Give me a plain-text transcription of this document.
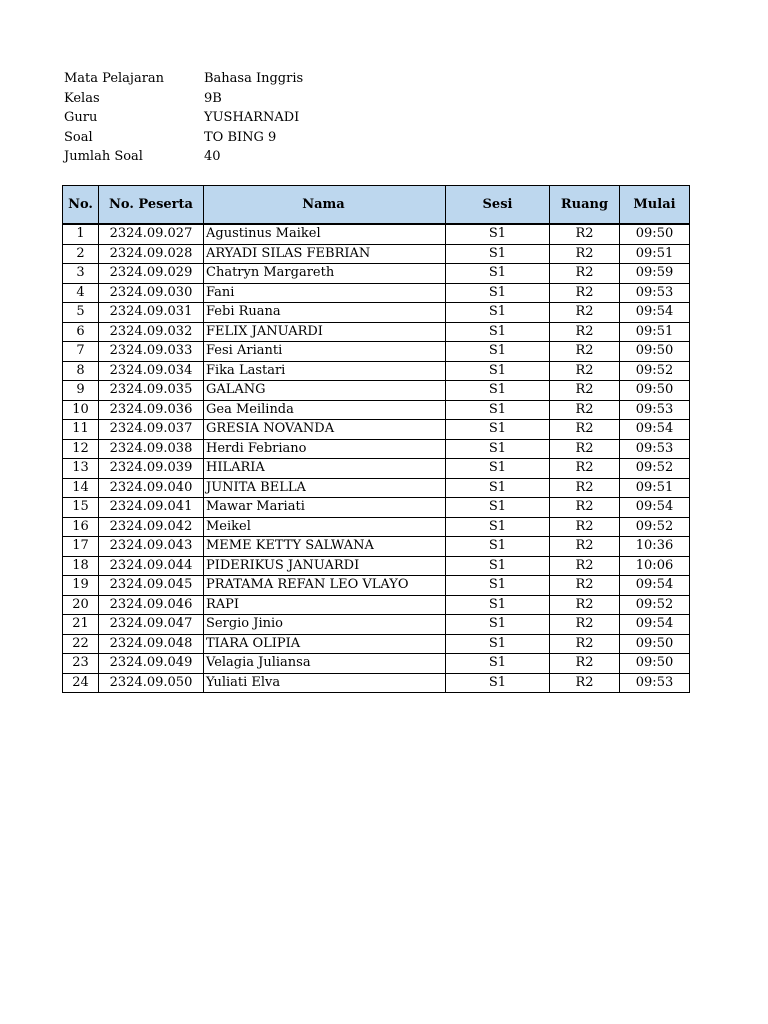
Mata Pelajaran	Bahasa Inggris
Kelas	9B
Guru	YUSHARNADI
Soal	TO BING 9
Jumlah Soal	40
No.	No. Peserta	Nama	Sesi	Ruang	Mulai
1	2324.09.027	Agustinus Maikel	S1	R2	09:50
2	2324.09.028	ARYADI SILAS FEBRIAN	S1	R2	09:51
3	2324.09.029	Chatryn Margareth	S1	R2	09:59
4	2324.09.030	Fani	S1	R2	09:53
5	2324.09.031	Febi Ruana	S1	R2	09:54
6	2324.09.032	FELIX JANUARDI	S1	R2	09:51
7	2324.09.033	Fesi Arianti	S1	R2	09:50
8	2324.09.034	Fika Lastari	S1	R2	09:52
9	2324.09.035	GALANG	S1	R2	09:50
10	2324.09.036	Gea Meilinda	S1	R2	09:53
11	2324.09.037	GRESIA NOVANDA	S1	R2	09:54
12	2324.09.038	Herdi Febriano	S1	R2	09:53
13	2324.09.039	HILARIA	S1	R2	09:52
14	2324.09.040	JUNITA BELLA	S1	R2	09:51
15	2324.09.041	Mawar Mariati	S1	R2	09:54
16	2324.09.042	Meikel	S1	R2	09:52
17	2324.09.043	MEME KETTY SALWANA	S1	R2	10:36
18	2324.09.044	PIDERIKUS JANUARDI	S1	R2	10:06
19	2324.09.045	PRATAMA REFAN LEO VLAYO	S1	R2	09:54
20	2324.09.046	RAPI	S1	R2	09:52
21	2324.09.047	Sergio Jinio	S1	R2	09:54
22	2324.09.048	TIARA OLIPIA	S1	R2	09:50
23	2324.09.049	Velagia Juliansa	S1	R2	09:50
24	2324.09.050	Yuliati Elva	S1	R2	09:53
